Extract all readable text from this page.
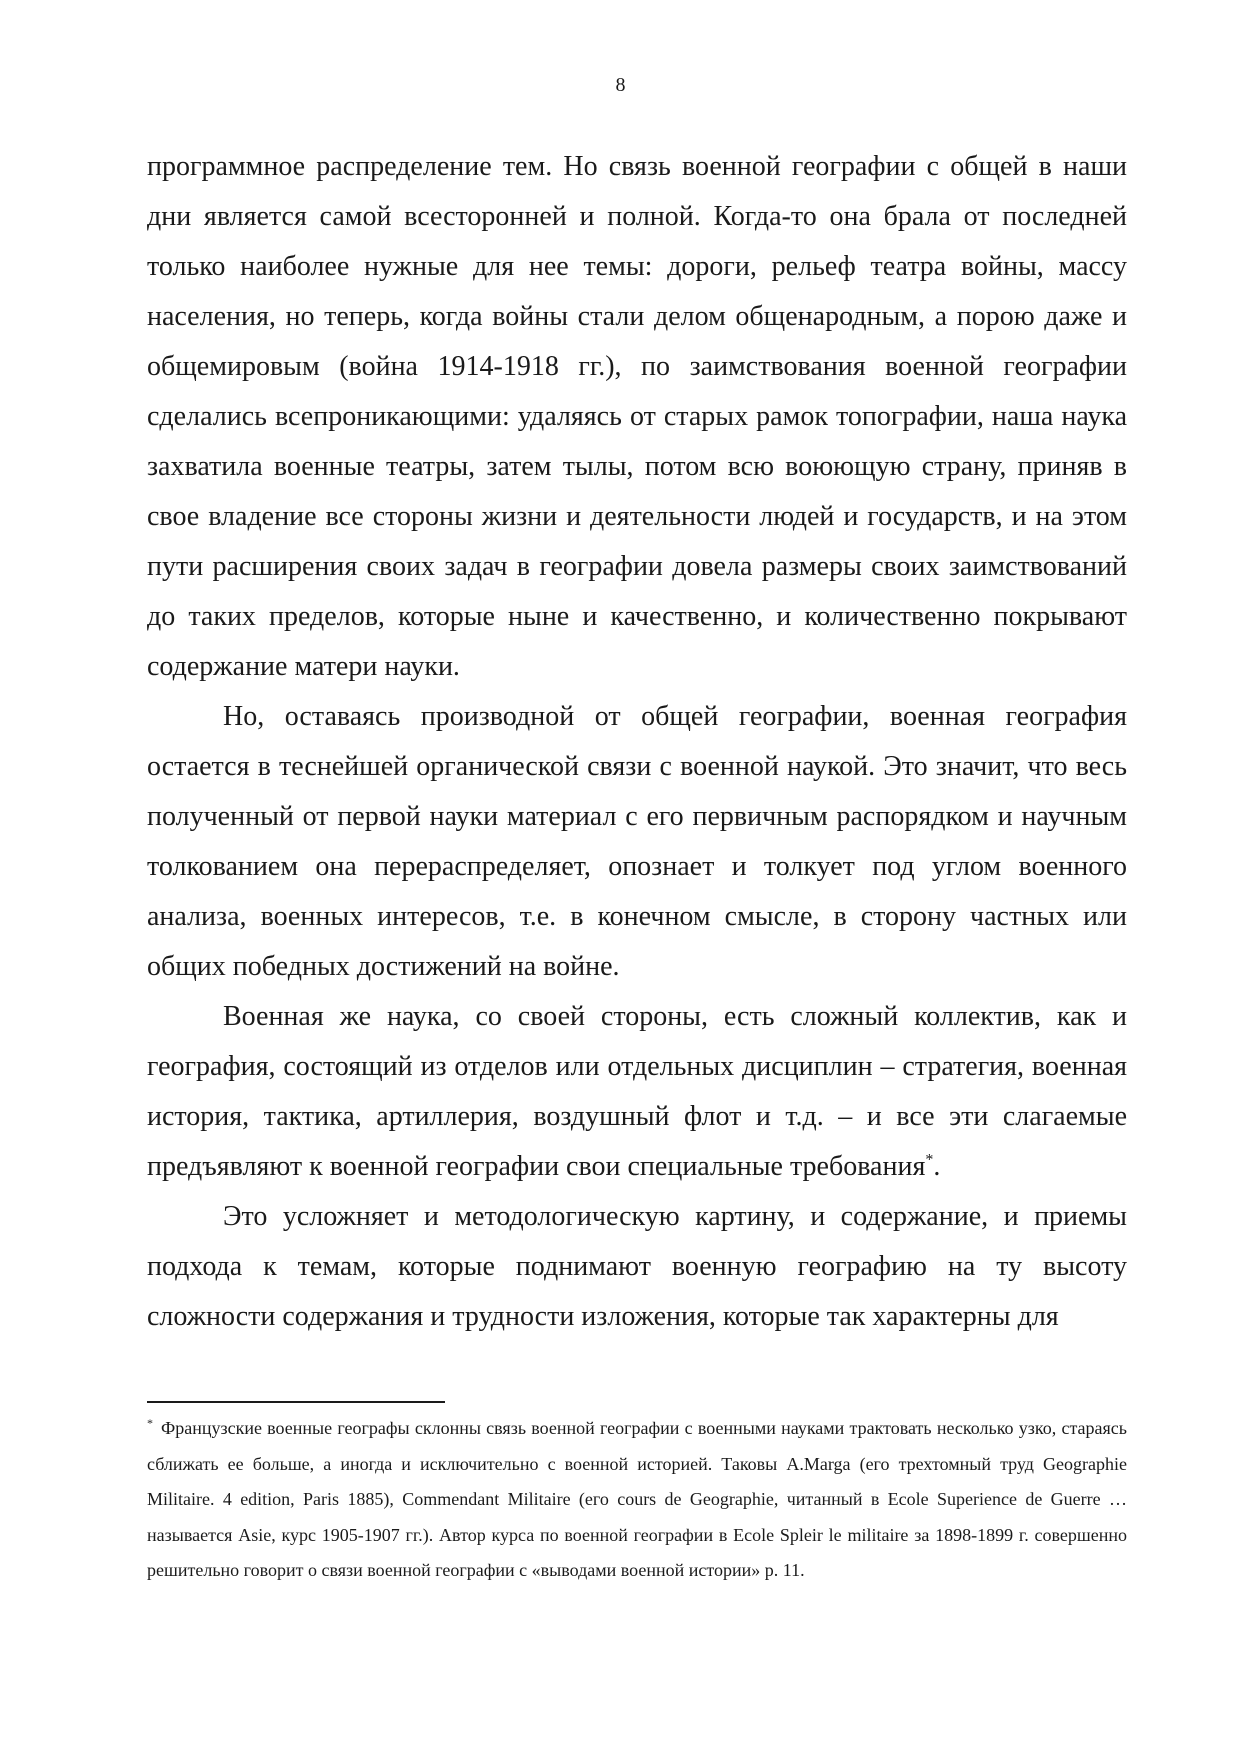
8

программное распределение тем. Но связь военной географии с общей в наши дни является самой всесторонней и полной. Когда-то она брала от последней только наиболее нужные для нее темы: дороги, рельеф театра войны, массу населения, но теперь, когда войны стали делом общенародным, а порою даже и общемировым (война 1914-1918 гг.), по заимствования военной географии сделались всепроникающими: удаляясь от старых рамок топографии, наша наука захватила военные театры, затем тылы, потом всю воюющую страну, приняв в свое владение все стороны жизни и деятельности людей и государств, и на этом пути расширения своих задач в географии довела размеры своих заимствований до таких пределов, которые ныне и качественно, и количественно покрывают содержание матери науки.

Но, оставаясь производной от общей географии, военная география остается в теснейшей органической связи с военной наукой. Это значит, что весь полученный от первой науки материал с его первичным распорядком и научным толкованием она перераспределяет, опознает и толкует под углом военного анализа, военных интересов, т.е. в конечном смысле, в сторону частных или общих победных достижений на войне.

Военная же наука, со своей стороны, есть сложный коллектив, как и география, состоящий из отделов или отдельных дисциплин – стратегия, военная история, тактика, артиллерия, воздушный флот и т.д. – и все эти слагаемые предъявляют к военной географии свои специальные требования*.

Это усложняет и методологическую картину, и содержание, и приемы подхода к темам, которые поднимают военную географию на ту высоту сложности содержания и трудности изложения, которые так характерны для

* Французские военные географы склонны связь военной географии с военными науками трактовать несколько узко, стараясь сближать ее больше, а иногда и исключительно с военной историей. Таковы A.Marga (его трехтомный труд Geographie Militaire. 4 edition, Paris 1885), Commendant Militaire (его cours de Geographie, читанный в Ecole Superience de Guerre … называется Asie, курс 1905-1907 гг.). Автор курса по военной географии в Ecole Spleir le militaire за 1898-1899 г. совершенно решительно говорит о связи военной географии с «выводами военной истории» p. 11.
